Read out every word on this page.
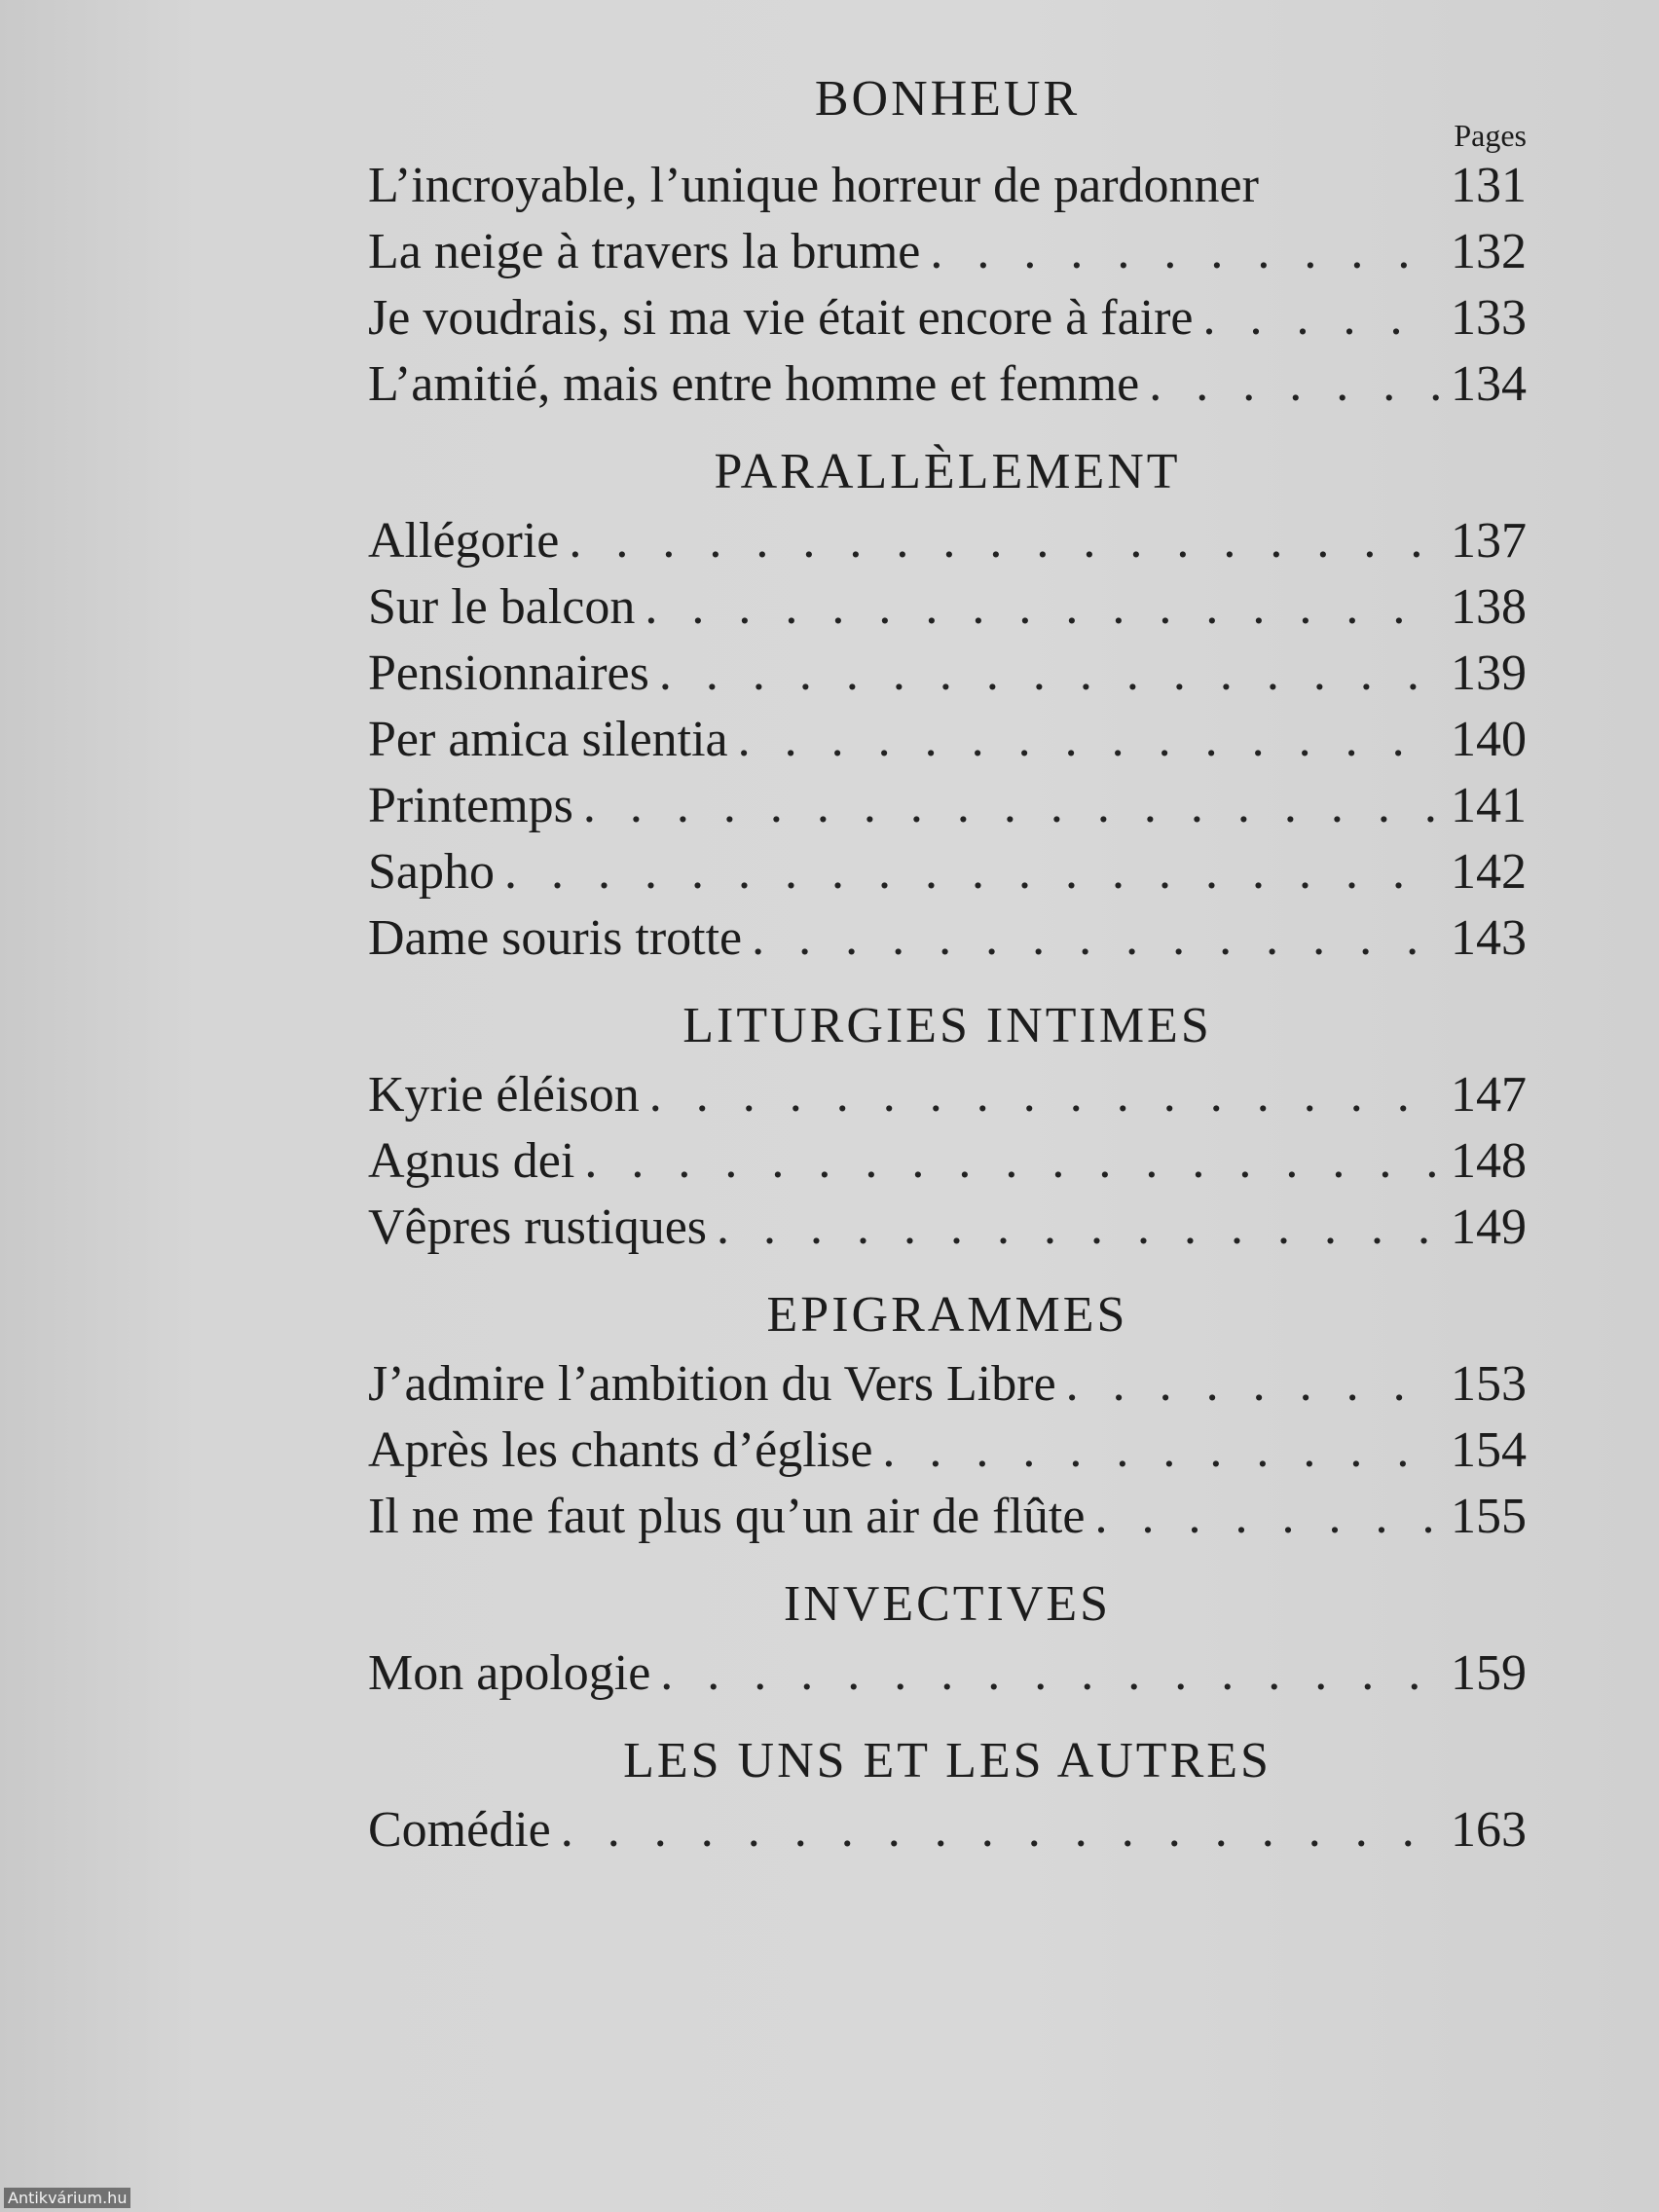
BONHEUR
Pages
L’incroyable, l’unique horreur de pardonner	131
La neige à travers la brume . . .	132
Je voudrais, si ma vie était encore à faire . . .	133
L’amitié, mais entre homme et femme . . .	134
PARALLÈLEMENT
Allégorie . . .	137
Sur le balcon . . .	138
Pensionnaires . . .	139
Per amica silentia . . .	140
Printemps . . .	141
Sapho . . .	142
Dame souris trotte . . .	143
LITURGIES INTIMES
Kyrie éléison . . .	147
Agnus dei . . .	148
Vêpres rustiques . . .	149
EPIGRAMMES
J’admire l’ambition du Vers Libre . . .	153
Après les chants d’église . . .	154
Il ne me faut plus qu’un air de flûte . . .	155
INVECTIVES
Mon apologie . . .	159
LES UNS ET LES AUTRES
Comédie . . .	163
Antikvárium.hu
